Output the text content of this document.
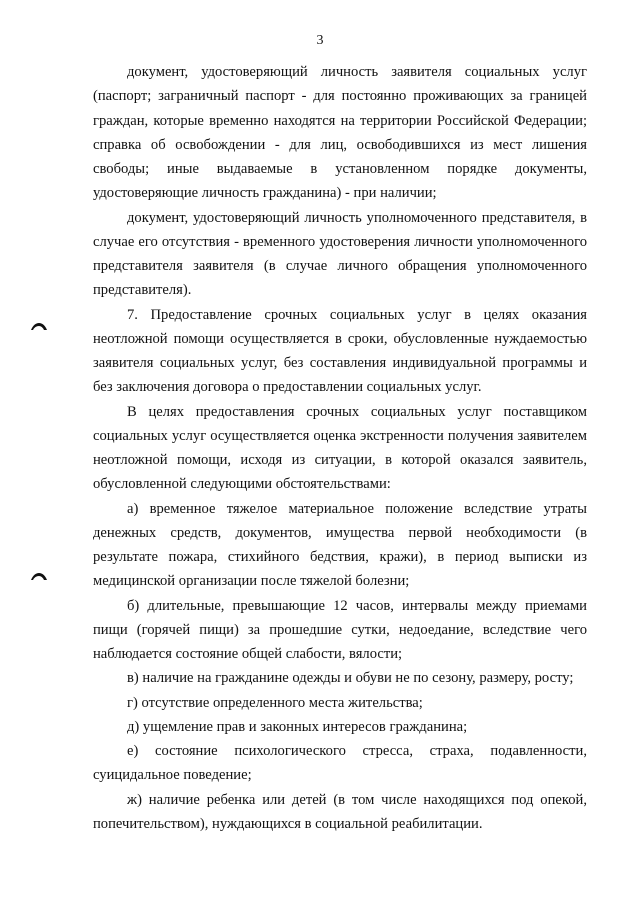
3

документ, удостоверяющий личность заявителя социальных услуг (паспорт; заграничный паспорт - для постоянно проживающих за границей граждан, которые временно находятся на территории Российской Федерации; справка об освобождении - для лиц, освободившихся из мест лишения свободы; иные выдаваемые в установленном порядке документы, удостоверяющие личность гражданина) - при наличии;

документ, удостоверяющий личность уполномоченного представителя, в случае его отсутствия - временного удостоверения личности уполномоченного представителя заявителя (в случае личного обращения уполномоченного представителя).

7. Предоставление срочных социальных услуг в целях оказания неотложной помощи осуществляется в сроки, обусловленные нуждаемостью заявителя социальных услуг, без составления индивидуальной программы и без заключения договора о предоставлении социальных услуг.

В целях предоставления срочных социальных услуг поставщиком социальных услуг осуществляется оценка экстренности получения заявителем неотложной помощи, исходя из ситуации, в которой оказался заявитель, обусловленной следующими обстоятельствами:

а) временное тяжелое материальное положение вследствие утраты денежных средств, документов, имущества первой необходимости (в результате пожара, стихийного бедствия, кражи), в период выписки из медицинской организации после тяжелой болезни;

б) длительные, превышающие 12 часов, интервалы между приемами пищи (горячей пищи) за прошедшие сутки, недоедание, вследствие чего наблюдается состояние общей слабости, вялости;

в) наличие на гражданине одежды и обуви не по сезону, размеру, росту;

г) отсутствие определенного места жительства;

д) ущемление прав и законных интересов гражданина;

е) состояние психологического стресса, страха, подавленности, суицидальное поведение;

ж) наличие ребенка или детей (в том числе находящихся под опекой, попечительством), нуждающихся в социальной реабилитации.
